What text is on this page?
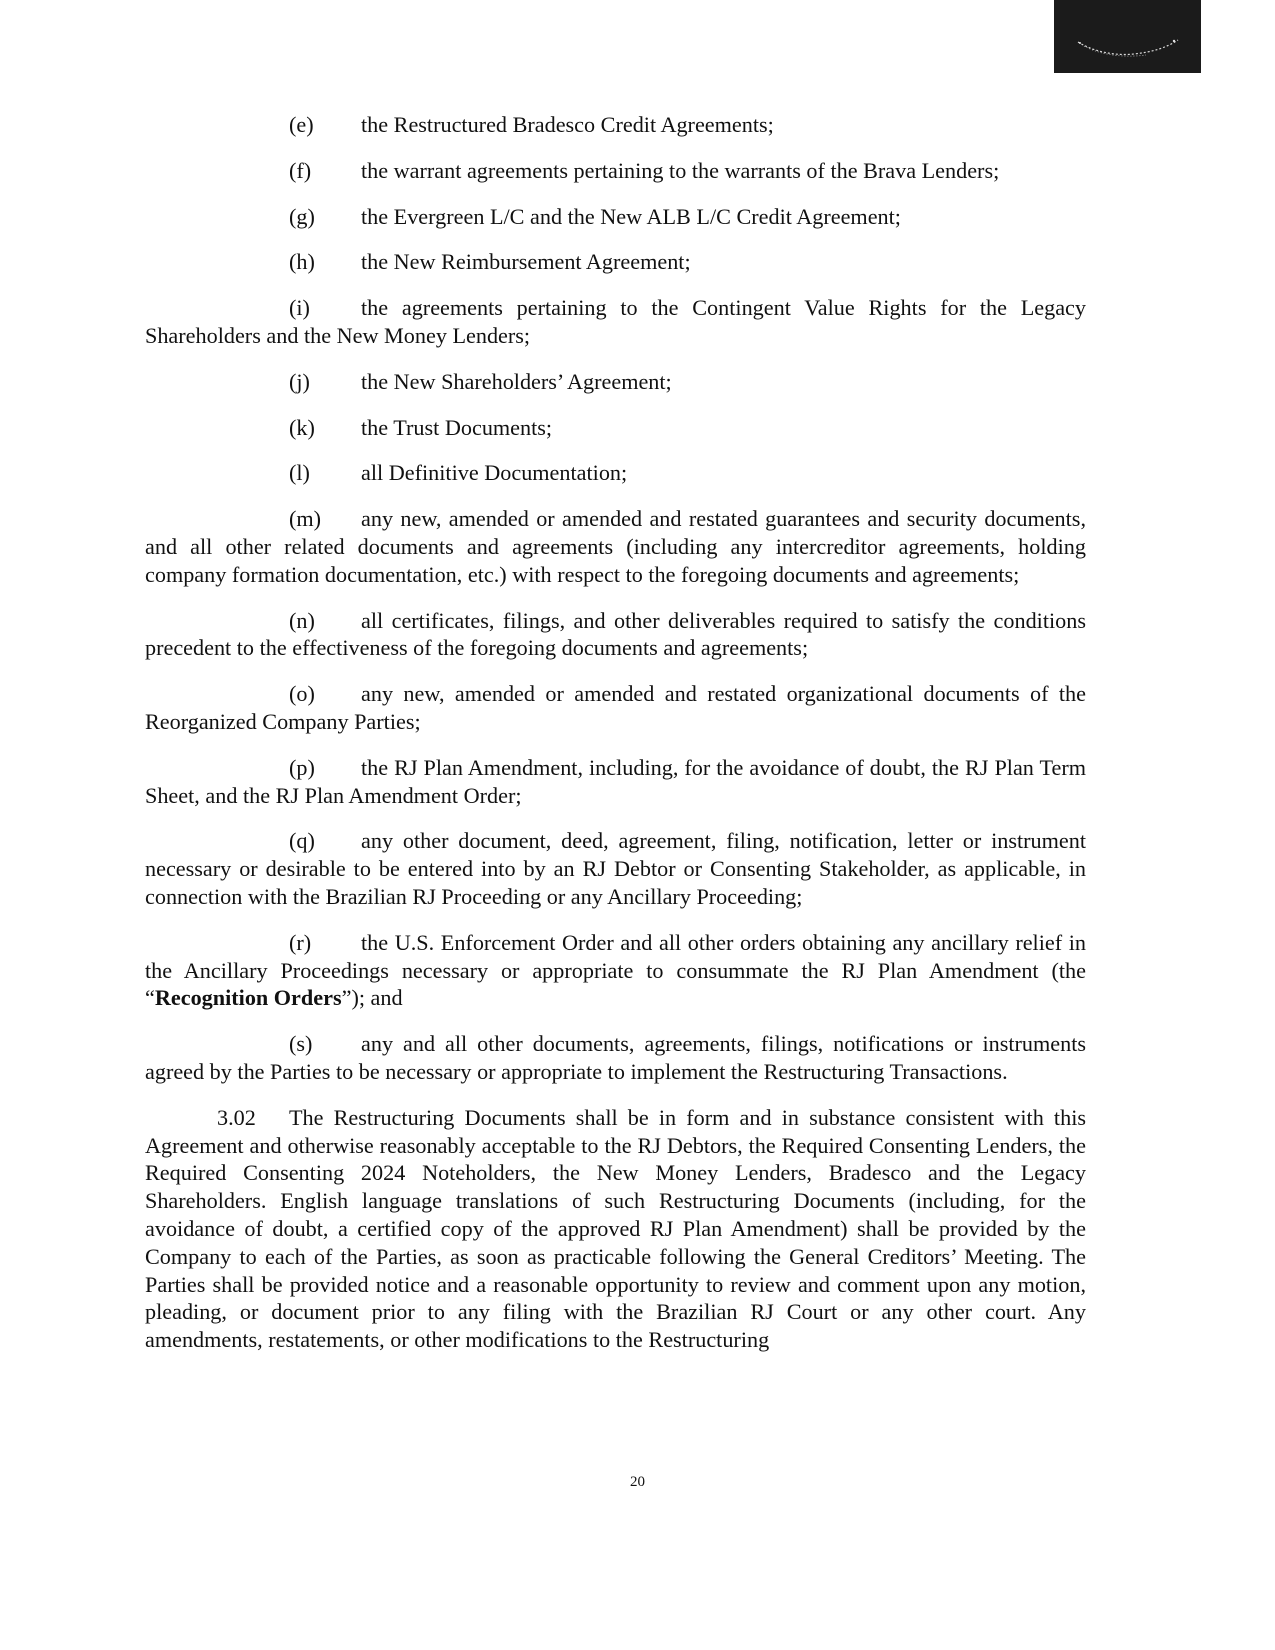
(e) the Restructured Bradesco Credit Agreements;

(f) the warrant agreements pertaining to the warrants of the Brava Lenders;

(g) the Evergreen L/C and the New ALB L/C Credit Agreement;

(h) the New Reimbursement Agreement;

(i) the agreements pertaining to the Contingent Value Rights for the Legacy Shareholders and the New Money Lenders;

(j) the New Shareholders’ Agreement;

(k) the Trust Documents;

(l) all Definitive Documentation;

(m) any new, amended or amended and restated guarantees and security documents, and all other related documents and agreements (including any intercreditor agreements, holding company formation documentation, etc.) with respect to the foregoing documents and agreements;

(n) all certificates, filings, and other deliverables required to satisfy the conditions precedent to the effectiveness of the foregoing documents and agreements;

(o) any new, amended or amended and restated organizational documents of the Reorganized Company Parties;

(p) the RJ Plan Amendment, including, for the avoidance of doubt, the RJ Plan Term Sheet, and the RJ Plan Amendment Order;

(q) any other document, deed, agreement, filing, notification, letter or instrument necessary or desirable to be entered into by an RJ Debtor or Consenting Stakeholder, as applicable, in connection with the Brazilian RJ Proceeding or any Ancillary Proceeding;

(r) the U.S. Enforcement Order and all other orders obtaining any ancillary relief in the Ancillary Proceedings necessary or appropriate to consummate the RJ Plan Amendment (the “Recognition Orders”); and

(s) any and all other documents, agreements, filings, notifications or instruments agreed by the Parties to be necessary or appropriate to implement the Restructuring Transactions.

3.02 The Restructuring Documents shall be in form and in substance consistent with this Agreement and otherwise reasonably acceptable to the RJ Debtors, the Required Consenting Lenders, the Required Consenting 2024 Noteholders, the New Money Lenders, Bradesco and the Legacy Shareholders. English language translations of such Restructuring Documents (including, for the avoidance of doubt, a certified copy of the approved RJ Plan Amendment) shall be provided by the Company to each of the Parties, as soon as practicable following the General Creditors’ Meeting. The Parties shall be provided notice and a reasonable opportunity to review and comment upon any motion, pleading, or document prior to any filing with the Brazilian RJ Court or any other court. Any amendments, restatements, or other modifications to the Restructuring

20
